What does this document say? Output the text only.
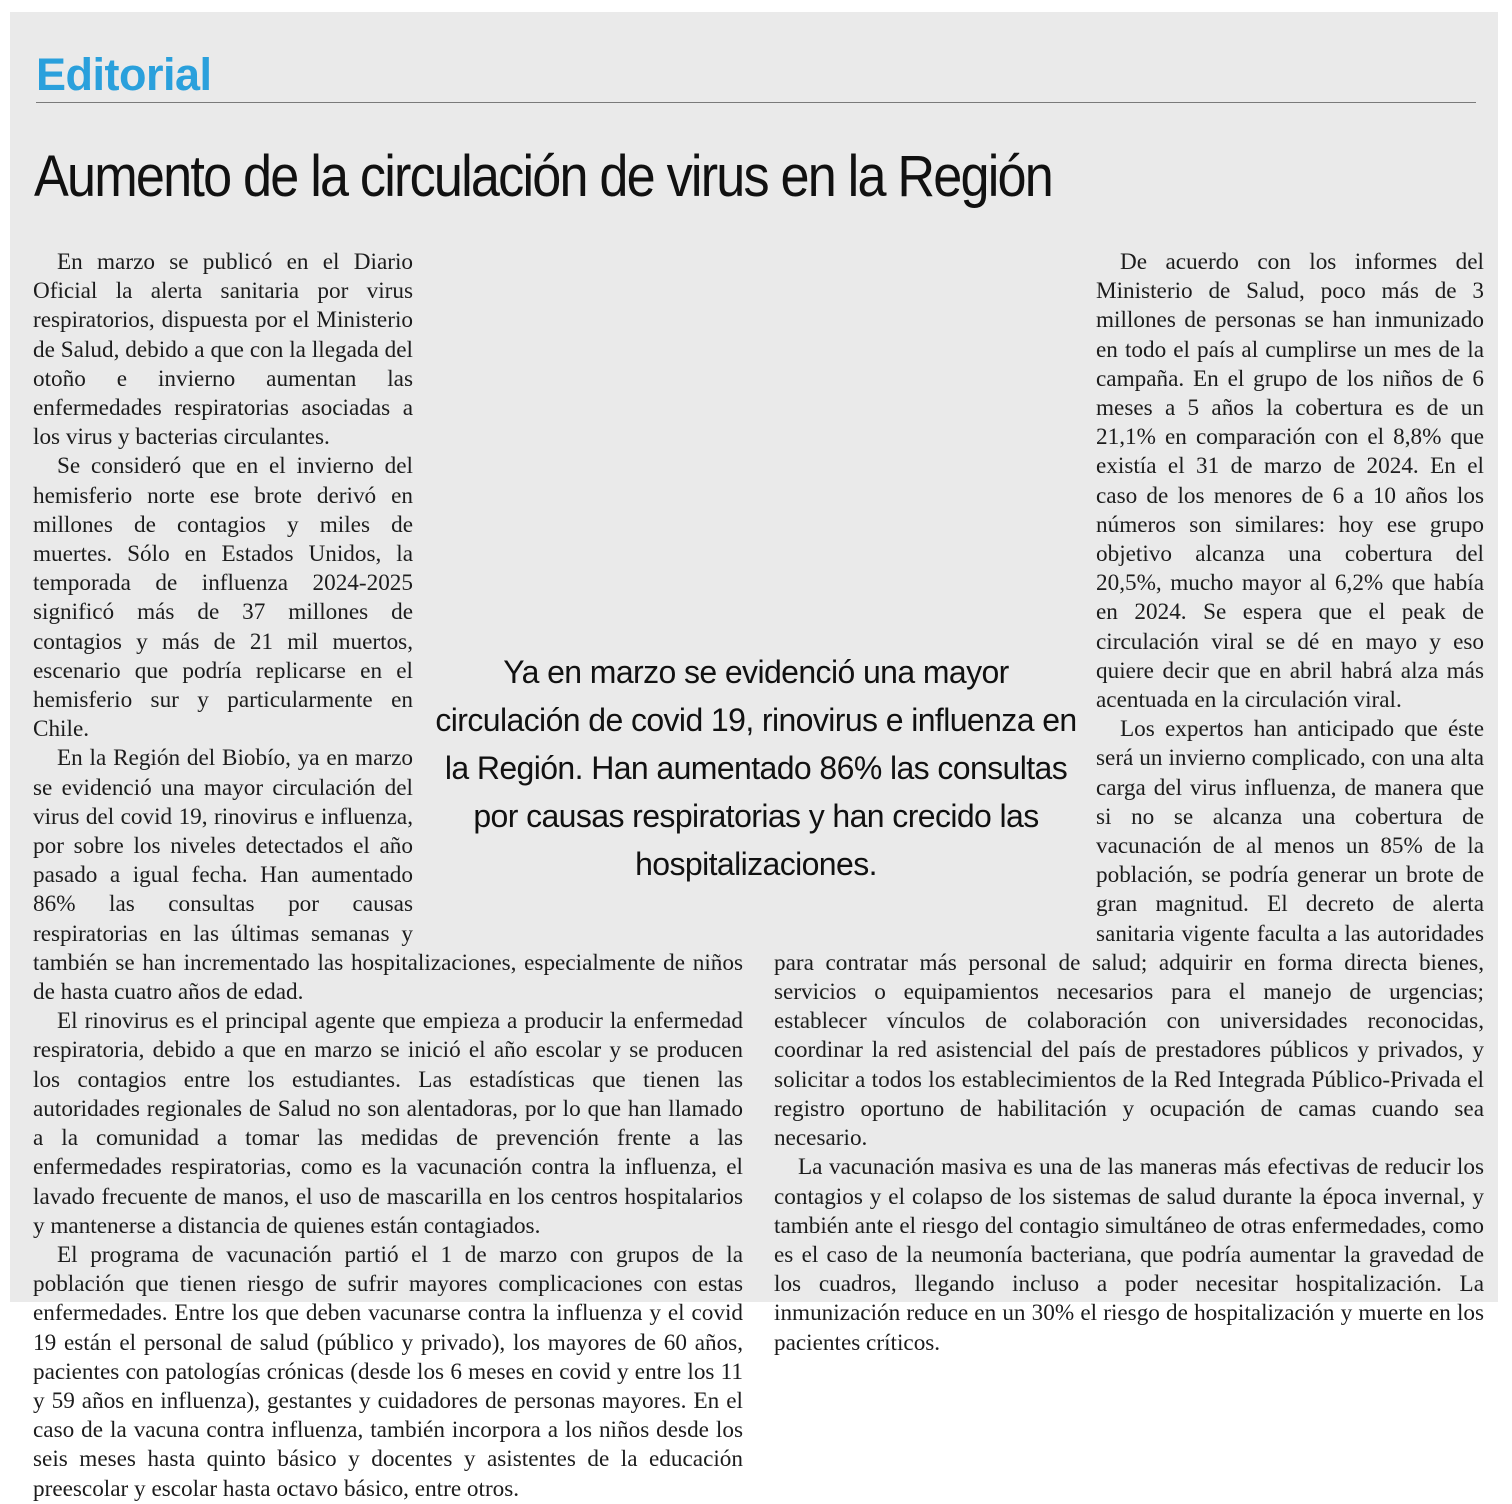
Editorial
Aumento de la circulación de virus en la Región

En marzo se publicó en el Diario Oficial la alerta sanitaria por virus respiratorios, dispuesta por el Ministerio de Salud, debido a que con la llegada del otoño e invierno aumentan las enfermedades respiratorias asociadas a los virus y bacterias circulantes.

Se consideró que en el invierno del hemisferio norte ese brote derivó en millones de contagios y miles de muertes. Sólo en Estados Unidos, la temporada de influenza 2024-2025 significó más de 37 millones de contagios y más de 21 mil muertos, escenario que podría replicarse en el hemisferio sur y particularmente en Chile.

En la Región del Biobío, ya en marzo se evidenció una mayor circulación del virus del covid 19, rinovirus e influenza, por sobre los niveles detectados el año pasado a igual fecha. Han aumentado 86% las consultas por causas respiratorias en las últimas semanas y también se han incrementado las hospitalizaciones, especialmente de niños de hasta cuatro años de edad.

El rinovirus es el principal agente que empieza a producir la enfermedad respiratoria, debido a que en marzo se inició el año escolar y se producen los contagios entre los estudiantes. Las estadísticas que tienen las autoridades regionales de Salud no son alentadoras, por lo que han llamado a la comunidad a tomar las medidas de prevención frente a las enfermedades respiratorias, como es la vacunación contra la influenza, el lavado frecuente de manos, el uso de mascarilla en los centros hospitalarios y mantenerse a distancia de quienes están contagiados.

El programa de vacunación partió el 1 de marzo con grupos de la población que tienen riesgo de sufrir mayores complicaciones con estas enfermedades. Entre los que deben vacunarse contra la influenza y el covid 19 están el personal de salud (público y privado), los mayores de 60 años, pacientes con patologías crónicas (desde los 6 meses en covid y entre los 11 y 59 años en influenza), gestantes y cuidadores de personas mayores. En el caso de la vacuna contra influenza, también incorpora a los niños desde los seis meses hasta quinto básico y docentes y asistentes de la educación preescolar y escolar hasta octavo básico, entre otros.

De acuerdo con los informes del Ministerio de Salud, poco más de 3 millones de personas se han inmunizado en todo el país al cumplirse un mes de la campaña. En el grupo de los niños de 6 meses a 5 años la cobertura es de un 21,1% en comparación con el 8,8% que existía el 31 de marzo de 2024. En el caso de los menores de 6 a 10 años los números son similares: hoy ese grupo objetivo alcanza una cobertura del 20,5%, mucho mayor al 6,2% que había en 2024. Se espera que el peak de circulación viral se dé en mayo y eso quiere decir que en abril habrá alza más acentuada en la circulación viral.

Los expertos han anticipado que éste será un invierno complicado, con una alta carga del virus influenza, de manera que si no se alcanza una cobertura de vacunación de al menos un 85% de la población, se podría generar un brote de gran magnitud. El decreto de alerta sanitaria vigente faculta a las autoridades para contratar más personal de salud; adquirir en forma directa bienes, servicios o equipamientos necesarios para el manejo de urgencias; establecer vínculos de colaboración con universidades reconocidas, coordinar la red asistencial del país de prestadores públicos y privados, y solicitar a todos los establecimientos de la Red Integrada Público-Privada el registro oportuno de habilitación y ocupación de camas cuando sea necesario.

La vacunación masiva es una de las maneras más efectivas de reducir los contagios y el colapso de los sistemas de salud durante la época invernal, y también ante el riesgo del contagio simultáneo de otras enfermedades, como es el caso de la neumonía bacteriana, que podría aumentar la gravedad de los cuadros, llegando incluso a poder necesitar hospitalización. La inmunización reduce en un 30% el riesgo de hospitalización y muerte en los pacientes críticos.

Ya en marzo se evidenció una mayor circulación de covid 19, rinovirus e influenza en la Región. Han aumentado 86% las consultas por causas respiratorias y han crecido las hospitalizaciones.
